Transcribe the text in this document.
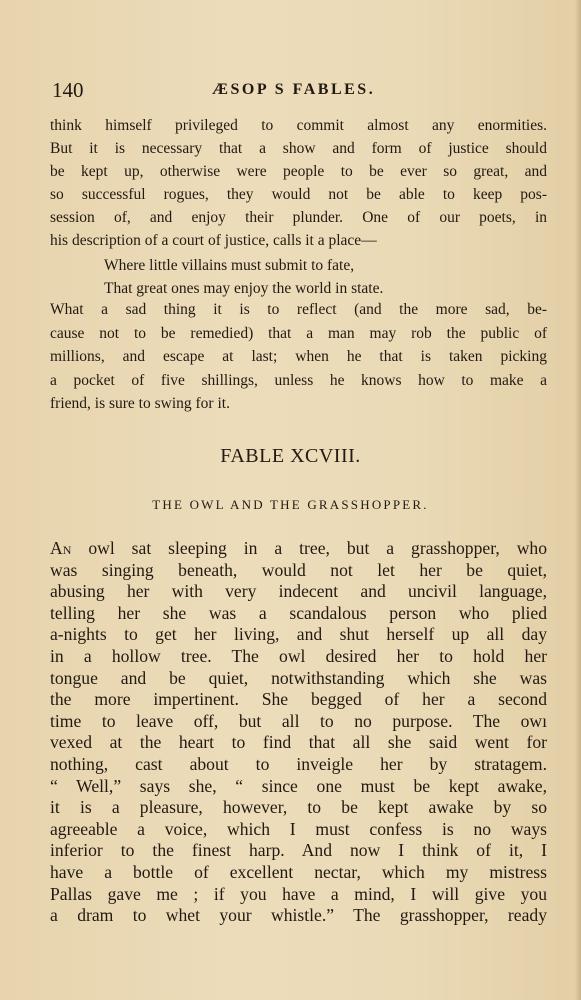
140	ÆSOP S FABLES.
think himself privileged to commit almost any enormities.
But it is necessary that a show and form of justice should
be kept up, otherwise were people to be ever so great, and
so successful rogues, they would not be able to keep pos-
session of, and enjoy their plunder. One of our poets, in
his description of a court of justice, calls it a place—
Where little villains must submit to fate,
That great ones may enjoy the world in state.
What a sad thing it is to reflect (and the more sad, be-
cause not to be remedied) that a man may rob the public of
millions, and escape at last; when he that is taken picking
a pocket of five shillings, unless he knows how to make a
friend, is sure to swing for it.
FABLE XCVIII.
THE OWL AND THE GRASSHOPPER.
An owl sat sleeping in a tree, but a grasshopper, who
was singing beneath, would not let her be quiet,
abusing her with very indecent and uncivil language,
telling her she was a scandalous person who plied
a-nights to get her living, and shut herself up all day
in a hollow tree. The owl desired her to hold her
tongue and be quiet, notwithstanding which she was
the more impertinent. She begged of her a second
time to leave off, but all to no purpose. The owı
vexed at the heart to find that all she said went for
nothing, cast about to inveigle her by stratagem.
“ Well,” says she, “ since one must be kept awake,
it is a pleasure, however, to be kept awake by so
agreeable a voice, which I must confess is no ways
inferior to the finest harp. And now I think of it, I
have a bottle of excellent nectar, which my mistress
Pallas gave me ; if you have a mind, I will give you
a dram to whet your whistle.” The grasshopper, ready
